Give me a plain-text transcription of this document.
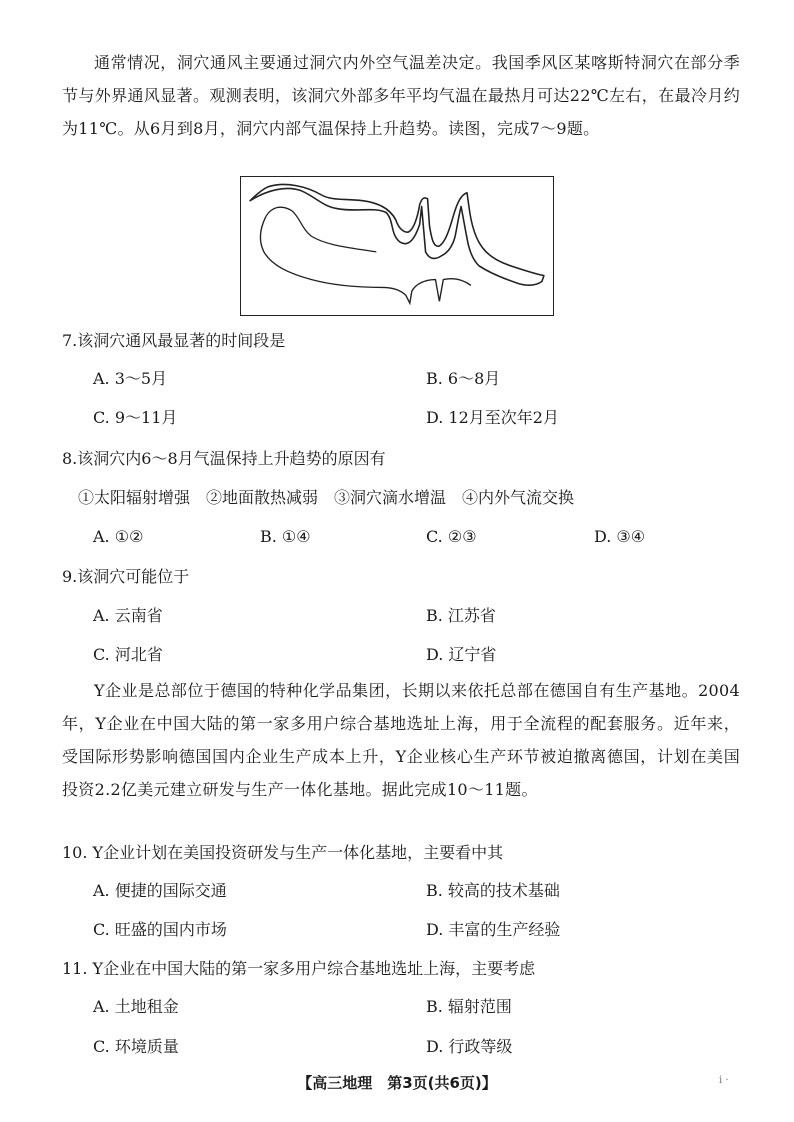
通常情况，洞穴通风主要通过洞穴内外空气温差决定。我国季风区某喀斯特洞穴在部分季节与外界通风显著。观测表明，该洞穴外部多年平均气温在最热月可达22℃左右，在最冷月约为11℃。从6月到8月，洞穴内部气温保持上升趋势。读图，完成7～9题。

7.该洞穴通风最显著的时间段是

A. 3～5月	B. 6～8月
C. 9～11月	D. 12月至次年2月

8.该洞穴内6～8月气温保持上升趋势的原因有

①太阳辐射增强　②地面散热减弱　③洞穴滴水增温　④内外气流交换

A. ①②	B. ①④	C. ②③	D. ③④

9.该洞穴可能位于

A. 云南省	B. 江苏省
C. 河北省	D. 辽宁省

Y企业是总部位于德国的特种化学品集团，长期以来依托总部在德国自有生产基地。2004年，Y企业在中国大陆的第一家多用户综合基地选址上海，用于全流程的配套服务。近年来，受国际形势影响德国国内企业生产成本上升，Y企业核心生产环节被迫撤离德国，计划在美国投资2.2亿美元建立研发与生产一体化基地。据此完成10～11题。

10. Y企业计划在美国投资研发与生产一体化基地，主要看中其

A. 便捷的国际交通	B. 较高的技术基础
C. 旺盛的国内市场	D. 丰富的生产经验

11. Y企业在中国大陆的第一家多用户综合基地选址上海，主要考虑

A. 土地租金	B. 辐射范围
C. 环境质量	D. 行政等级
【高三地理　第3页(共6页)】	i ·
